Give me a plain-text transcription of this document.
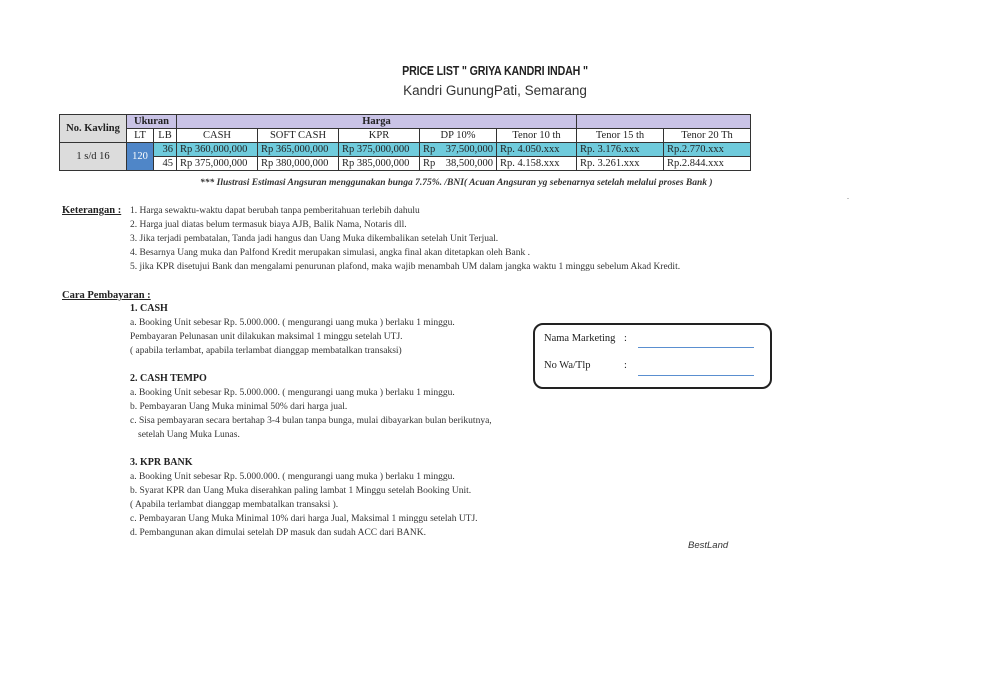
PRICE LIST " GRIYA KANDRI INDAH "
Kandri GunungPati, Semarang
No. Kavling	Ukuran		Harga						
	LT	LB	CASH	SOFT CASH	KPR	DP 10%	Tenor 10 th	Tenor 15 th	Tenor 20 Th
1 s/d 16	120	36	Rp 360,000,000	Rp 365,000,000	Rp 375,000,000	Rp 37,500,000	Rp. 4.050.xxx	Rp. 3.176.xxx	Rp.2.770.xxx
		45	Rp 375,000,000	Rp 380,000,000	Rp 385,000,000	Rp 38,500,000	Rp. 4.158.xxx	Rp. 3.261.xxx	Rp.2.844.xxx
*** Ilustrasi Estimasi Angsuran menggunakan bunga 7.75%. /BNI( Acuan Angsuran yg sebenarnya setelah melalui proses Bank )
.
Keterangan : 1. Harga sewaktu-waktu dapat berubah tanpa pemberitahuan terlebih dahulu
2. Harga jual diatas belum termasuk biaya AJB, Balik Nama, Notaris dll.
3. Jika terjadi pembatalan, Tanda jadi hangus dan Uang Muka dikembalikan setelah Unit Terjual.
4. Besarnya Uang muka dan Palfond Kredit merupakan simulasi, angka final akan ditetapkan oleh Bank .
5. jika KPR disetujui Bank dan mengalami penurunan plafond, maka wajib menambah UM dalam jangka waktu 1 minggu sebelum Akad Kredit.
Cara Pembayaran :
1. CASH
a. Booking Unit sebesar Rp. 5.000.000. ( mengurangi uang muka ) berlaku 1 minggu.
Pembayaran Pelunasan unit dilakukan maksimal 1 minggu setelah UTJ.
( apabila terlambat, apabila terlambat dianggap membatalkan transaksi)
2. CASH TEMPO
a. Booking Unit sebesar Rp. 5.000.000. ( mengurangi uang muka ) berlaku 1 minggu.
b. Pembayaran Uang Muka minimal 50% dari harga jual.
c. Sisa pembayaran secara bertahap 3-4 bulan tanpa bunga, mulai dibayarkan bulan berikutnya,
setelah Uang Muka Lunas.
3. KPR BANK
a. Booking Unit sebesar Rp. 5.000.000. ( mengurangi uang muka ) berlaku 1 minggu.
b. Syarat KPR dan Uang Muka diserahkan paling lambat 1 Minggu setelah Booking Unit.
( Apabila terlambat dianggap membatalkan transaksi ).
c. Pembayaran Uang Muka Minimal 10% dari harga Jual, Maksimal 1 minggu setelah UTJ.
d. Pembangunan akan dimulai setelah DP masuk dan sudah ACC dari BANK.
Nama Marketing :
No Wa/Tlp	:
BestLand
